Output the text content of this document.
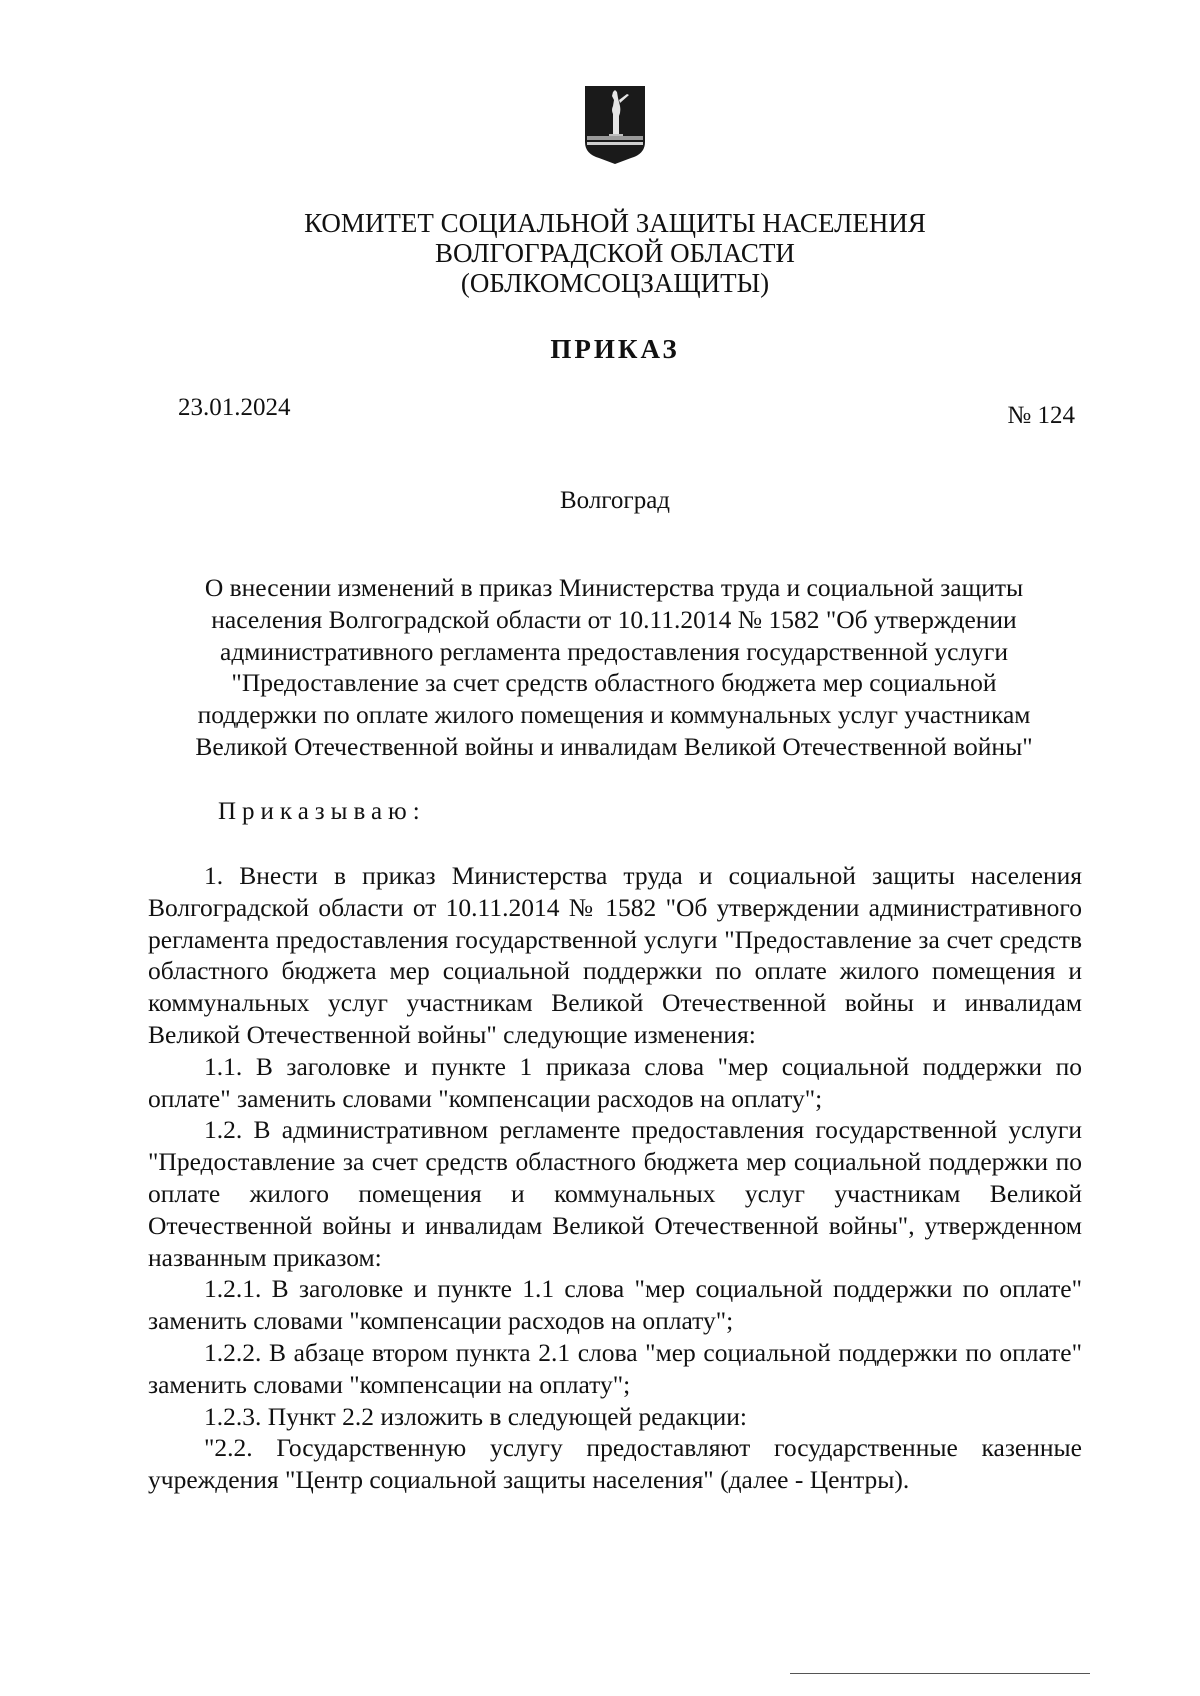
КОМИТЕТ СОЦИАЛЬНОЙ ЗАЩИТЫ НАСЕЛЕНИЯ
ВОЛГОГРАДСКОЙ ОБЛАСТИ
(ОБЛКОМСОЦЗАЩИТЫ)
ПРИКАЗ
23.01.2024	№ 124
Волгоград
О внесении изменений в приказ Министерства труда и социальной защиты
населения Волгоградской области от 10.11.2014 № 1582 "Об утверждении
административного регламента предоставления государственной услуги
"Предоставление за счет средств областного бюджета мер социальной
поддержки по оплате жилого помещения и коммунальных услуг участникам
Великой Отечественной войны и инвалидам Великой Отечественной войны"
Приказываю:

1. Внести в приказ Министерства труда и социальной защиты населения Волгоградской области от 10.11.2014 № 1582 "Об утверждении административного регламента предоставления государственной услуги "Предоставление за счет средств областного бюджета мер социальной поддержки по оплате жилого помещения и коммунальных услуг участникам Великой Отечественной войны и инвалидам Великой Отечественной войны" следующие изменения:

1.1. В заголовке и пункте 1 приказа слова "мер социальной поддержки по оплате" заменить словами "компенсации расходов на оплату";

1.2. В административном регламенте предоставления государственной услуги "Предоставление за счет средств областного бюджета мер социальной поддержки по оплате жилого помещения и коммунальных услуг участникам Великой Отечественной войны и инвалидам Великой Отечественной войны", утвержденном названным приказом:

1.2.1. В заголовке и пункте 1.1 слова "мер социальной поддержки по оплате" заменить словами "компенсации расходов на оплату";

1.2.2. В абзаце втором пункта 2.1 слова "мер социальной поддержки по оплате" заменить словами "компенсации на оплату";

1.2.3. Пункт 2.2 изложить в следующей редакции:

"2.2. Государственную услугу предоставляют государственные казенные учреждения "Центр социальной защиты населения" (далее - Центры).
